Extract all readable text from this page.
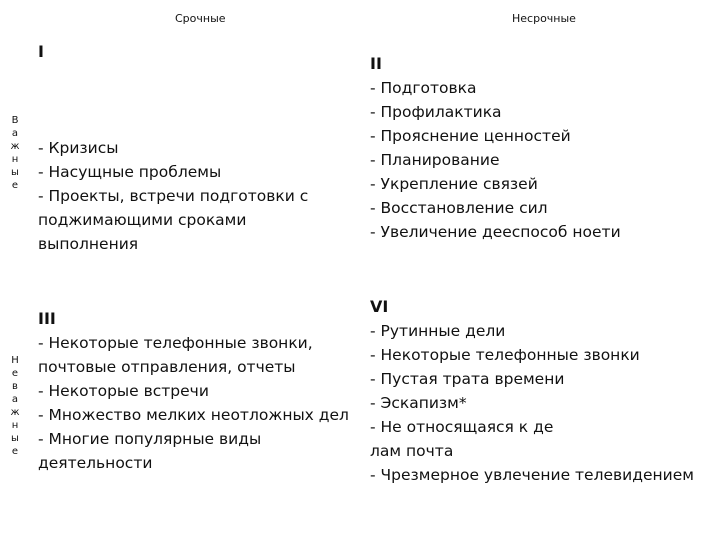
Срочные	Несрочные
В
а
ж
н
ы
е
Н
е
в
а
ж
н
ы
е
I
- Кризисы
- Насущные проблемы
- Проекты, встречи подготовки с
поджимающими сроками
выполнения
II
- Подготовка
- Профилактика
- Прояснение ценностей
- Планирование
- Укрепление связей
- Восстановление сил
- Увеличение дееспособ ноети
III
- Некоторые телефонные звонки,
почтовые отправления, отчеты
- Некоторые встречи
- Множество мелких неотложных дел
- Многие популярные виды
деятельности
VI
- Рутинные дели
- Некоторые телефонные звонки
- Пустая трата времени
- Эскапизм*
- Не относящаяся к де
лам почта
- Чрезмерное увлечение телевидением
